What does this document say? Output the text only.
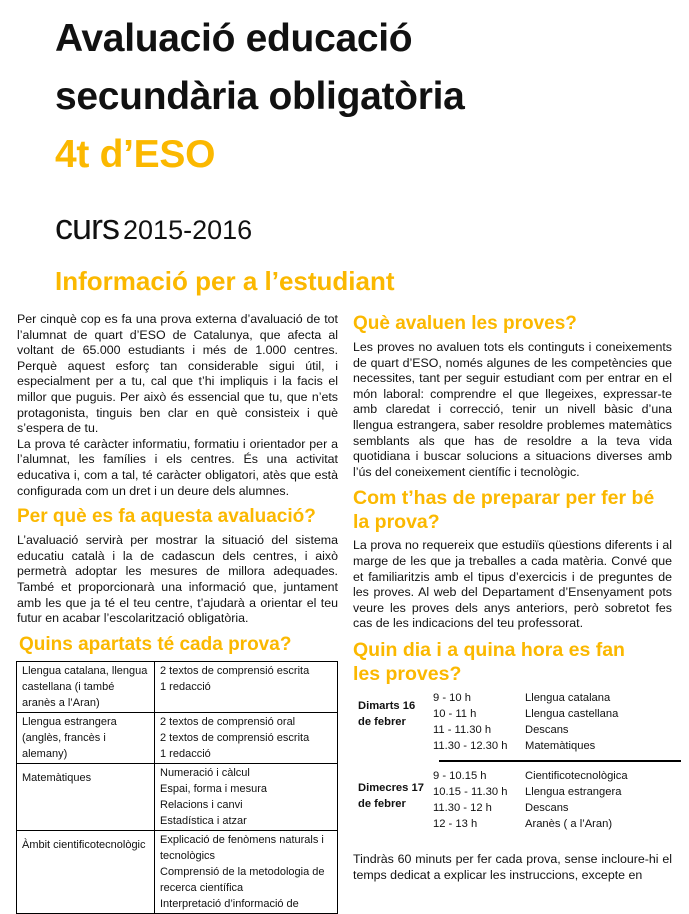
Avaluació educació
secundària obligatòria
4t d’ESO
curs 2015-2016
Informació per a l’estudiant

Per cinquè cop es fa una prova externa d’avaluació de tot l’alumnat de quart d’ESO de Catalunya, que afecta al voltant de 65.000 estudiants i més de 1.000 centres. Perquè aquest esforç tan considerable sigui útil, i especialment per a tu, cal que t’hi impliquis i la facis el millor que puguis. Per això és essencial que tu, que n’ets protagonista, tinguis ben clar en què consisteix i què s’espera de tu.

La prova té caràcter informatiu, formatiu i orientador per a l’alumnat, les famílies i els centres. És una activitat educativa i, com a tal, té caràcter obligatori, atès que està configurada com un dret i un deure dels alumnes.

Per què es fa aquesta avaluació?
L’avaluació servirà per mostrar la situació del sistema educatiu català i la de cadascun dels centres, i això permetrà adoptar les mesures de millora adequades. També et proporcionarà una informació que, juntament amb les que ja té el teu centre, t’ajudarà a orientar el teu futur en acabar l’escolarització obligatòria.
Quins apartats té cada prova?
Llengua catalana, llengua castellana (i també aranès a l’Aran)	2 textos de comprensió escrita
1 redacció

Llengua estrangera (anglès, francès i alemany)	2 textos de comprensió oral
2 textos de comprensió escrita
1 redacció

Matemàtiques	Numeració i càlcul
Espai, forma i mesura
Relacions i canvi
Estadística i atzar

Àmbit cientificotecnològic	Explicació de fenòmens naturals i tecnològics
Comprensió de la metodologia de recerca científica
Interpretació d’informació de
Què avaluen les proves?
Les proves no avaluen tots els continguts i coneixements de quart d’ESO, només algunes de les competències que necessites, tant per seguir estudiant com per entrar en el món laboral: comprendre el que llegeixes, expressar-te amb claredat i correcció, tenir un nivell bàsic d’una llengua estrangera, saber resoldre problemes matemàtics semblants als que has de resoldre a la teva vida quotidiana i buscar solucions a situacions diverses amb l’ús del coneixement científic i tecnològic.
Com t’has de preparar per fer bé la prova?
La prova no requereix que estudiïs qüestions diferents i al marge de les que ja treballes a cada matèria. Convé que et familiaritzis amb el tipus d’exercicis i de preguntes de les proves. Al web del Departament d’Ensenyament pots veure les proves dels anys anteriors, però sobretot fes cas de les indicacions del teu professorat.
Quin dia i a quina hora es fan les proves?
Dimarts 16 de febrer
9 - 10 h	Llengua catalana
10 - 11 h	Llengua castellana
11 - 11.30 h	Descans
11.30 - 12.30 h Matemàtiques
Dimecres 17 de febrer
9 - 10.15 h	Cientificotecnològica
10.15 - 11.30 h Llengua estrangera
11.30 - 12 h	Descans
12 - 13 h	Aranès ( a l’Aran)
Tindràs 60 minuts per fer cada prova, sense incloure-hi el temps dedicat a explicar les instruccions, excepte en
